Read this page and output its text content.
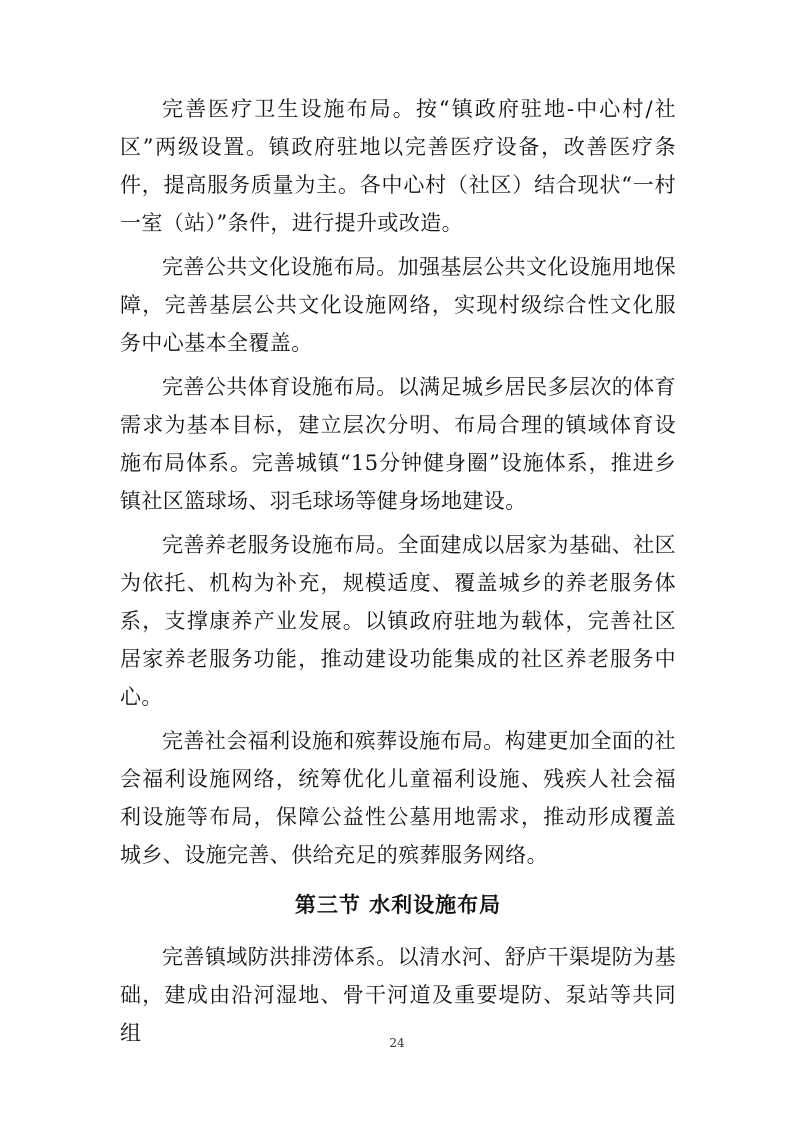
完善医疗卫生设施布局。按“镇政府驻地-中心村/社区”两级设置。镇政府驻地以完善医疗设备，改善医疗条件，提高服务质量为主。各中心村（社区）结合现状“一村一室（站）”条件，进行提升或改造。

完善公共文化设施布局。加强基层公共文化设施用地保障，完善基层公共文化设施网络，实现村级综合性文化服务中心基本全覆盖。

完善公共体育设施布局。以满足城乡居民多层次的体育需求为基本目标，建立层次分明、布局合理的镇域体育设施布局体系。完善城镇“15分钟健身圈”设施体系，推进乡镇社区篮球场、羽毛球场等健身场地建设。

完善养老服务设施布局。全面建成以居家为基础、社区为依托、机构为补充，规模适度、覆盖城乡的养老服务体系，支撑康养产业发展。以镇政府驻地为载体，完善社区居家养老服务功能，推动建设功能集成的社区养老服务中心。

完善社会福利设施和殡葬设施布局。构建更加全面的社会福利设施网络，统筹优化儿童福利设施、残疾人社会福利设施等布局，保障公益性公墓用地需求，推动形成覆盖城乡、设施完善、供给充足的殡葬服务网络。

第三节 水利设施布局

完善镇域防洪排涝体系。以清水河、舒庐干渠堤防为基础，建成由沿河湿地、骨干河道及重要堤防、泵站等共同组	24
